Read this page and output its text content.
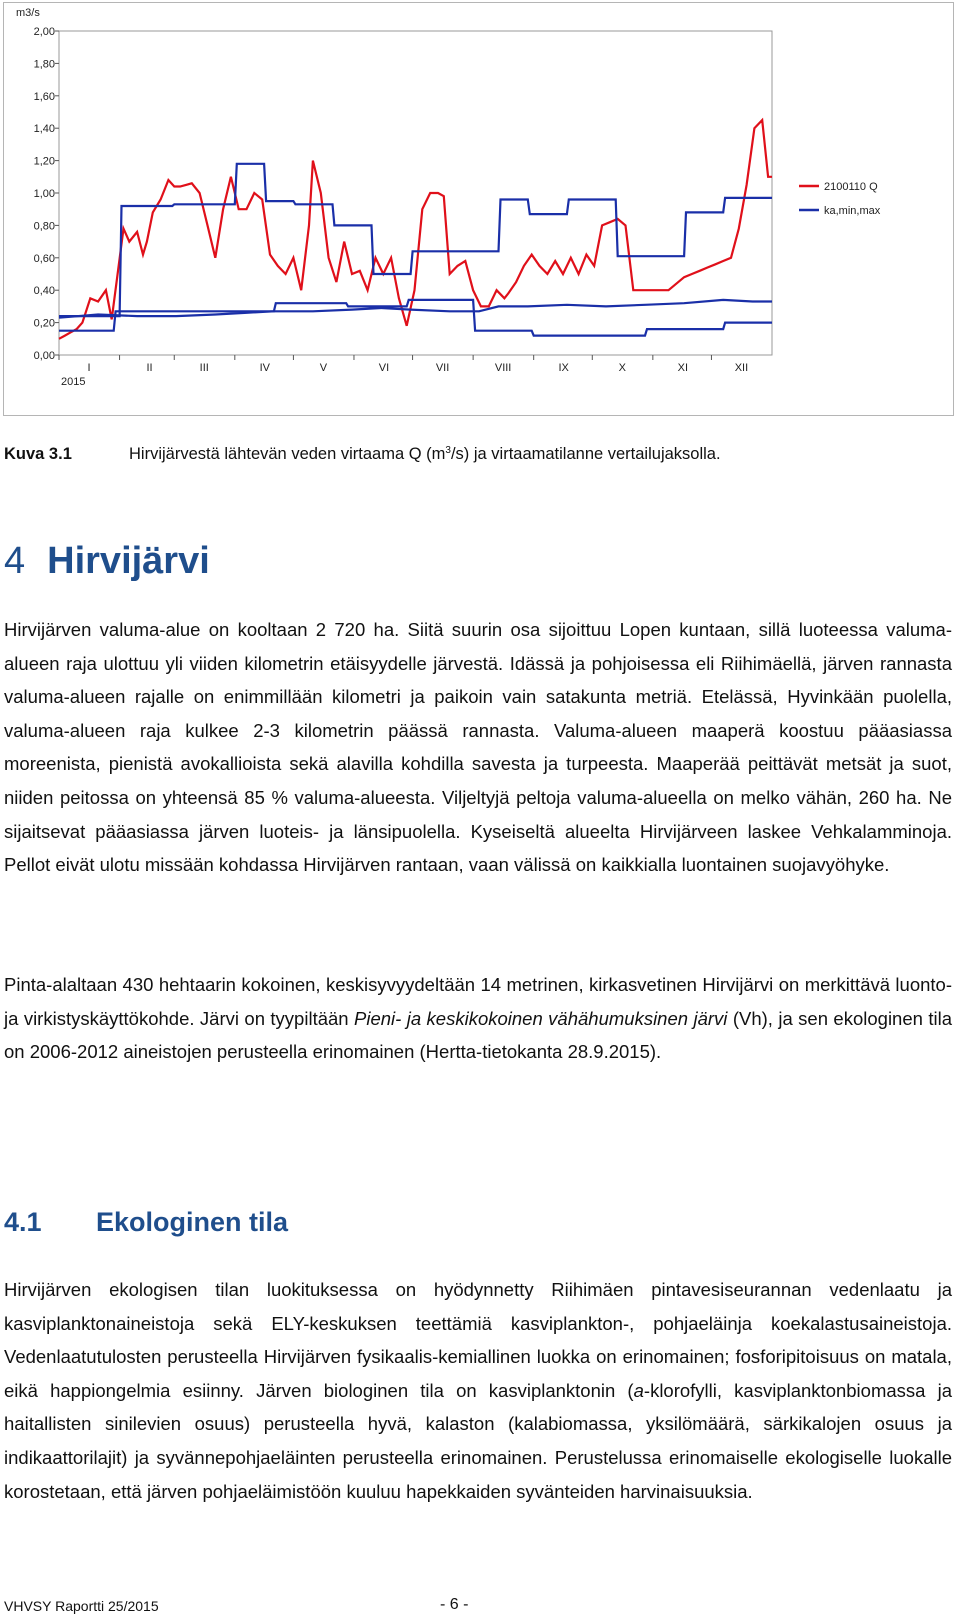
0,00
0,20
0,40
0,60
0,80
1,00
1,20
1,40
1,60
1,80
2,00
m3/s
I	II	III	IV	V	VI	VII	VIII	IX	X	XI	XII
2015
2100110 Q
ka,min,max
Kuva 3.1	Hirvijärvestä lähtevän veden virtaama Q $(m^3/s)$ ja virtaamatilanne vertailujaksolla.
4 Hirvijärvi

Hirvijärven valuma-alue on kooltaan 2 720 ha. Siitä suurin osa sijoittuu Lopen kuntaan, sillä luoteessa valuma-alueen raja ulottuu yli viiden kilometrin etäisyydelle järvestä. Idässä ja pohjoisessa eli Riihimäellä, järven rannasta valuma-alueen rajalle on enimmillään kilometri ja paikoin vain satakunta metriä. Etelässä, Hyvinkään puolella, valuma-alueen raja kulkee 2-3 kilometrin päässä rannasta. Valuma-alueen maaperä koostuu pääasiassa moreenista, pienistä avokallioista sekä alavilla kohdilla savesta ja turpeesta. Maaperää peittävät metsät ja suot, niiden peitossa on yhteensä 85 % valuma-alueesta. Viljeltyjä peltoja valuma-alueella on melko vähän, 260 ha. Ne sijaitsevat pääasiassa järven luoteis- ja länsipuolella. Kyseiseltä alueelta Hirvijärveen laskee Vehkalamminoja. Pellot eivät ulotu missään kohdassa Hirvijärven rantaan, vaan välissä on kaikkialla luontainen suojavyöhyke.

Pinta-alaltaan 430 hehtaarin kokoinen, keskisyvyydeltään 14 metrinen, kirkasvetinen Hirvijärvi on merkittävä luonto- ja virkistyskäyttökohde. Järvi on tyypiltään Pieni- ja keskikokoinen vähähumuksinen järvi (Vh), ja sen ekologinen tila on 2006-2012 aineistojen perusteella erinomainen (Hertta-tietokanta 28.9.2015).

4.1 Ekologinen tila

Hirvijärven ekologisen tilan luokituksessa on hyödynnetty Riihimäen pintavesiseurannan vedenlaatu ja kasviplanktonaineistoja sekä ELY-keskuksen teettämiä kasviplankton-, pohjaeläinja koekalastusaineistoja. Vedenlaatutulosten perusteella Hirvijärven fysikaalis-kemiallinen luokka on erinomainen; fosforipitoisuus on matala, eikä happiongelmia esiinny. Järven biologinen tila on kasviplanktonin (a-klorofylli, kasviplanktonbiomassa ja haitallisten sinilevien osuus) perusteella hyvä, kalaston (kalabiomassa, yksilömäärä, särkikalojen osuus ja indikaattorilajit) ja syvännepohjaeläinten perusteella erinomainen. Perustelussa erinomaiselle ekologiselle luokalle korostetaan, että järven pohjaeläimistöön kuuluu hapekkaiden syvänteiden harvinaisuuksia.

VHVSY Raportti 25/2015	- 6 -
